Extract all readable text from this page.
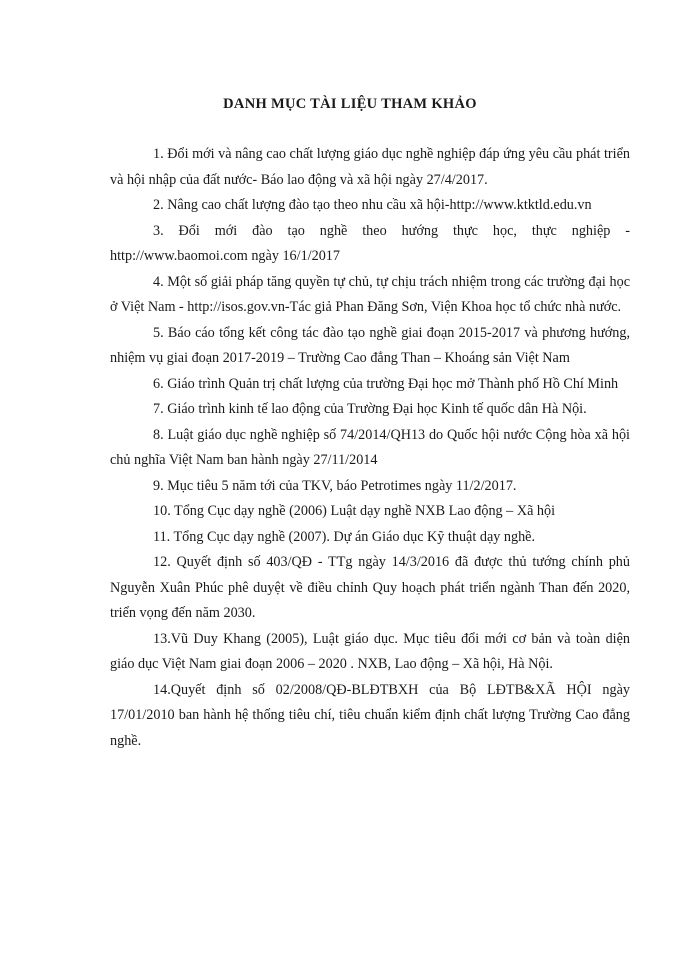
DANH MỤC TÀI LIỆU THAM KHẢO

1. Đổi mới và nâng cao chất lượng giáo dục nghề nghiệp đáp ứng yêu cầu phát triển và hội nhập của đất nước- Báo lao động và xã hội ngày 27/4/2017.

2. Nâng cao chất lượng đào tạo theo nhu cầu xã hội-http://www.ktktld.edu.vn

3. Đổi mới đào tạo nghề theo hướng thực học, thực nghiệp - http://www.baomoi.com ngày 16/1/2017

4. Một số giải pháp tăng quyền tự chủ, tự chịu trách nhiệm trong các trường đại học ở Việt Nam - http://isos.gov.vn-Tác giả Phan Đăng Sơn, Viện Khoa học tổ chức nhà nước.

5. Báo cáo tổng kết công tác đào tạo nghề giai đoạn 2015-2017 và phương hướng, nhiệm vụ giai đoạn 2017-2019 – Trường Cao đẳng Than – Khoáng sản Việt Nam

6. Giáo trình Quản trị chất lượng của trường Đại học mở Thành phố Hồ Chí Minh

7. Giáo trình kinh tế lao động của Trường Đại học Kinh tế quốc dân Hà Nội.

8. Luật giáo dục nghề nghiệp số 74/2014/QH13 do Quốc hội nước Cộng hòa xã hội chủ nghĩa Việt Nam ban hành ngày 27/11/2014

9. Mục tiêu 5 năm tới của TKV, báo Petrotimes ngày 11/2/2017.

10. Tổng Cục dạy nghề (2006) Luật dạy nghề NXB Lao động – Xã hội

11. Tổng Cục dạy nghề (2007). Dự án Giáo dục Kỹ thuật dạy nghề.

12. Quyết định số 403/QĐ - TTg ngày 14/3/2016 đã được thủ tướng chính phủ Nguyễn Xuân Phúc phê duyệt về điều chỉnh Quy hoạch phát triển ngành Than đến 2020, triển vọng đến năm 2030.

13.Vũ Duy Khang (2005), Luật giáo dục. Mục tiêu đổi mới cơ bản và toàn diện giáo dục Việt Nam giai đoạn 2006 – 2020 . NXB, Lao động – Xã hội, Hà Nội.

14.Quyết định số 02/2008/QĐ-BLĐTBXH của Bộ LĐTB&XÃ HỘI ngày 17/01/2010 ban hành hệ thống tiêu chí, tiêu chuẩn kiểm định chất lượng Trường Cao đẳng nghề.
